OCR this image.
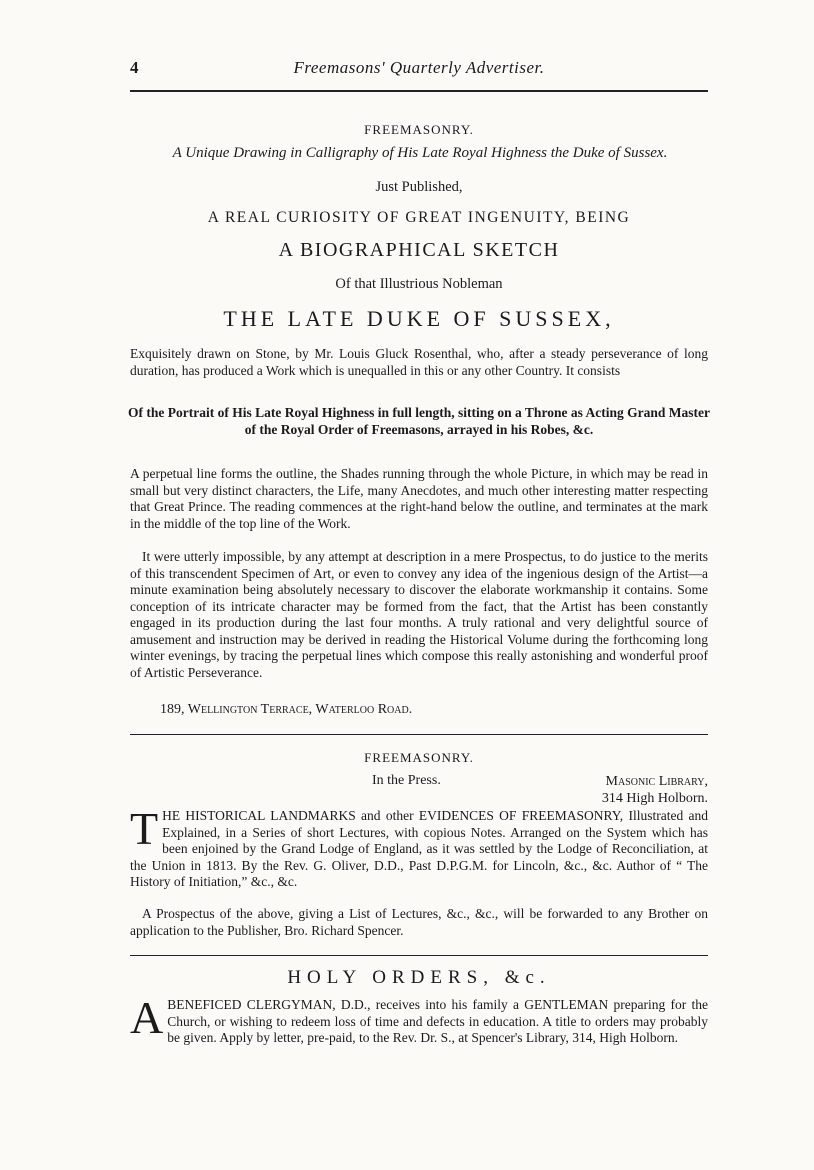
4	Freemasons' Quarterly Advertiser.
FREEMASONRY.
A Unique Drawing in Calligraphy of His Late Royal Highness the Duke of Sussex.
Just Published,
A REAL CURIOSITY OF GREAT INGENUITY, BEING
A BIOGRAPHICAL SKETCH
Of that Illustrious Nobleman
THE LATE DUKE OF SUSSEX,
Exquisitely drawn on Stone, by Mr. Louis Gluck Rosenthal, who, after a steady perseverance of long duration, has produced a Work which is unequalled in this or any other Country. It consists
Of the Portrait of His Late Royal Highness in full length, sitting on a Throne as Acting Grand Master of the Royal Order of Freemasons, arrayed in his Robes, &c.
A perpetual line forms the outline, the Shades running through the whole Picture, in which may be read in small but very distinct characters, the Life, many Anecdotes, and much other interesting matter respecting that Great Prince. The reading commences at the right-hand below the outline, and terminates at the mark in the middle of the top line of the Work.
It were utterly impossible, by any attempt at description in a mere Prospectus, to do justice to the merits of this transcendent Specimen of Art, or even to convey any idea of the ingenious design of the Artist—a minute examination being absolutely necessary to discover the elaborate workmanship it contains. Some conception of its intricate character may be formed from the fact, that the Artist has been constantly engaged in its production during the last four months. A truly rational and very delightful source of amusement and instruction may be derived in reading the Historical Volume during the forthcoming long winter evenings, by tracing the perpetual lines which compose this really astonishing and wonderful proof of Artistic Perseverance.
189, Wellington Terrace, Waterloo Road.
FREEMASONRY.
In the Press.	Masonic Library,
314 High Holborn.
THE HISTORICAL LANDMARKS and other EVIDENCES OF FREEMASONRY, Illustrated and Explained, in a Series of short Lectures, with copious Notes. Arranged on the System which has been enjoined by the Grand Lodge of England, as it was settled by the Lodge of Reconciliation, at the Union in 1813. By the Rev. G. Oliver, D.D., Past D.P.G.M. for Lincoln, &c., &c. Author of “ The History of Initiation,” &c., &c.
A Prospectus of the above, giving a List of Lectures, &c., &c., will be forwarded to any Brother on application to the Publisher, Bro. Richard Spencer.
HOLY ORDERS, &c.
ABENEFICED CLERGYMAN, D.D., receives into his family a GENTLEMAN preparing for the Church, or wishing to redeem loss of time and defects in education. A title to orders may probably be given. Apply by letter, pre-paid, to the Rev. Dr. S., at Spencer's Library, 314, High Holborn.
